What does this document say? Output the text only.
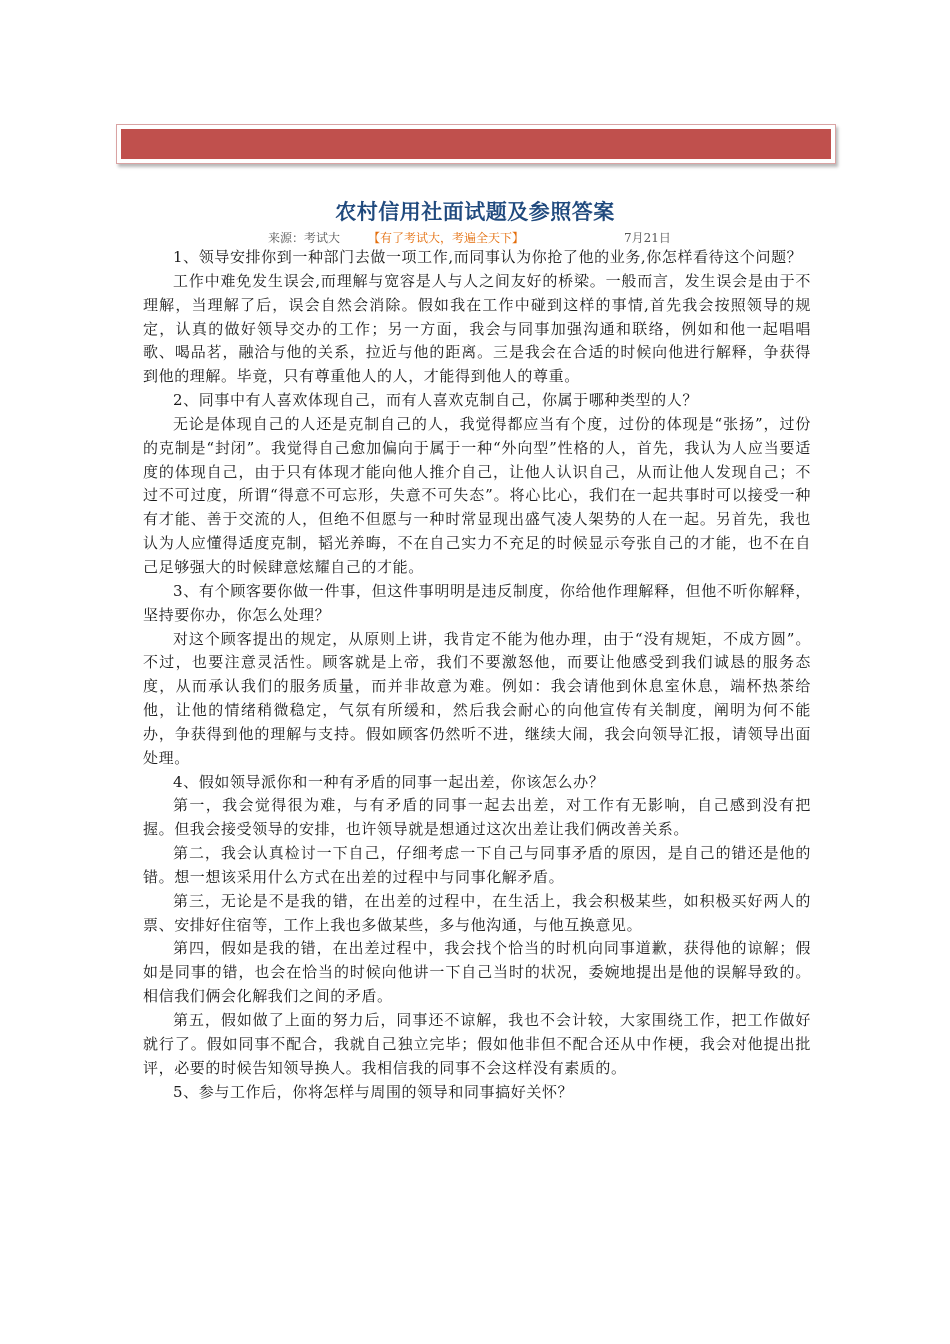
农村信用社面试题及参照答案
来源：考试大 【有了考试大，考遍全天下】	7月21日

1、领导安排你到一种部门去做一项工作,而同事认为你抢了他的业务,你怎样看待这个问题？

工作中难免发生误会,而理解与宽容是人与人之间友好的桥梁。一般而言，发生误会是由于不理解，当理解了后，误会自然会消除。假如我在工作中碰到这样的事情,首先我会按照领导的规定，认真的做好领导交办的工作；另一方面，我会与同事加强沟通和联络，例如和他一起唱唱歌、喝品茗，融洽与他的关系，拉近与他的距离。三是我会在合适的时候向他进行解释，争获得到他的理解。毕竟，只有尊重他人的人，才能得到他人的尊重。

2、同事中有人喜欢体现自己，而有人喜欢克制自己，你属于哪种类型的人？

无论是体现自己的人还是克制自己的人，我觉得都应当有个度，过份的体现是“张扬”，过份的克制是“封闭”。我觉得自己愈加偏向于属于一种“外向型”性格的人，首先，我认为人应当要适度的体现自己，由于只有体现才能向他人推介自己，让他人认识自己，从而让他人发现自己；不过不可过度，所谓“得意不可忘形，失意不可失态”。将心比心，我们在一起共事时可以接受一种有才能、善于交流的人，但绝不但愿与一种时常显现出盛气凌人架势的人在一起。另首先，我也认为人应懂得适度克制，韬光养晦，不在自己实力不充足的时候显示夸张自己的才能，也不在自己足够强大的时候肆意炫耀自己的才能。

3、有个顾客要你做一件事，但这件事明明是违反制度，你给他作理解释，但他不听你解释，坚持要你办，你怎么处理？

对这个顾客提出的规定，从原则上讲，我肯定不能为他办理，由于“没有规矩，不成方圆”。不过，也要注意灵活性。顾客就是上帝，我们不要激怒他，而要让他感受到我们诚恳的服务态度，从而承认我们的服务质量，而并非故意为难。例如：我会请他到休息室休息，端杯热茶给他，让他的情绪稍微稳定，气氛有所缓和，然后我会耐心的向他宣传有关制度，阐明为何不能办，争获得到他的理解与支持。假如顾客仍然听不进，继续大闹，我会向领导汇报，请领导出面处理。

4、假如领导派你和一种有矛盾的同事一起出差，你该怎么办？

第一，我会觉得很为难，与有矛盾的同事一起去出差，对工作有无影响，自己感到没有把握。但我会接受领导的安排，也许领导就是想通过这次出差让我们俩改善关系。

第二，我会认真检讨一下自己，仔细考虑一下自己与同事矛盾的原因，是自己的错还是他的错。想一想该采用什么方式在出差的过程中与同事化解矛盾。

第三，无论是不是我的错，在出差的过程中，在生活上，我会积极某些，如积极买好两人的票、安排好住宿等，工作上我也多做某些，多与他沟通，与他互换意见。

第四，假如是我的错，在出差过程中，我会找个恰当的时机向同事道歉，获得他的谅解；假如是同事的错，也会在恰当的时候向他讲一下自己当时的状况，委婉地提出是他的误解导致的。相信我们俩会化解我们之间的矛盾。

第五，假如做了上面的努力后，同事还不谅解，我也不会计较，大家围绕工作，把工作做好就行了。假如同事不配合，我就自己独立完毕；假如他非但不配合还从中作梗，我会对他提出批评，必要的时候告知领导换人。我相信我的同事不会这样没有素质的。

5、参与工作后，你将怎样与周围的领导和同事搞好关怀？
